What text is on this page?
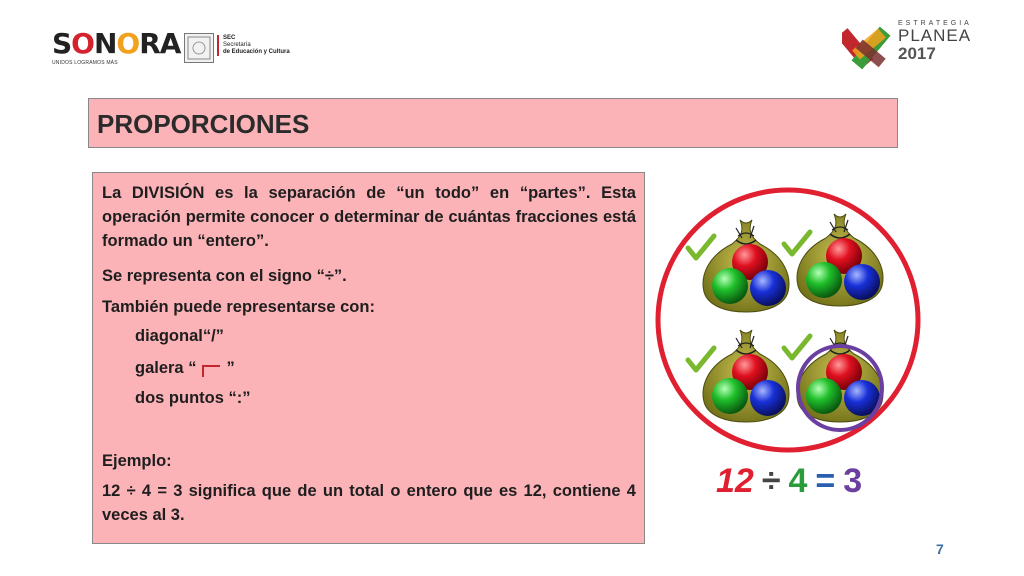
SONORA
UNIDOS LOGRAMOS MÁS
SEC
Secretaría
de Educación y Cultura
ESTRATEGIA
PLANEA
2017
PROPORCIONES
La DIVISIÓN es la separación de “un todo” en “partes”. Esta operación permite conocer o determinar de cuántas fracciones está formado un “entero”.
Se representa con el signo “÷”.
También puede representarse con:
diagonal“/”
galera “ ”
dos puntos “:”
Ejemplo:
12 ÷ 4 = 3 significa que de un total o entero que es 12, contiene 4 veces al 3.
12 ÷ 4 = 3
7
